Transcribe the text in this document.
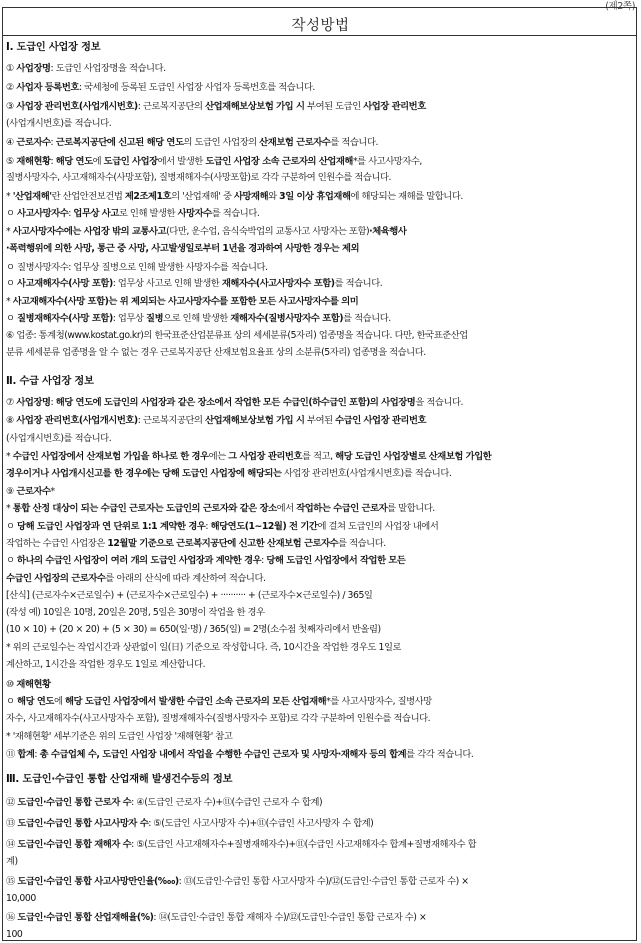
(제2쪽)
작성방법
Ⅰ. 도급인 사업장 정보
① 사업장명: 도급인 사업장명을 적습니다.
② 사업자 등록번호: 국세청에 등록된 도급인 사업장 사업자 등록번호를 적습니다.
③ 사업장 관리번호(사업개시번호): 근로복지공단의 산업재해보상보험 가입 시 부여된 도급인 사업장 관리번호
(사업개시번호)를 적습니다.
④ 근로자수: 근로복지공단에 신고된 해당 연도의 도급인 사업장의 산재보험 근로자수를 적습니다.
⑤ 재해현황: 해당 연도에 도급인 사업장에서 발생한 도급인 사업장 소속 근로자의 산업재해*를 사고사망자수,
질병사망자수, 사고재해자수(사망포함), 질병재해자수(사망포함)로 각각 구분하여 인원수를 적습니다.
* '산업재해'란 산업안전보건법 제2조제1호의 '산업재해' 중 사망재해와 3일 이상 휴업재해에 해당되는 재해를 말합니다.
ㅇ 사고사망자수: 업무상 사고로 인해 발생한 사망자수를 적습니다.
* 사고사망자수에는 사업장 밖의 교통사고(다만, 운수업, 음식숙박업의 교통사고 사망자는 포함)·체육행사
·폭력행위에 의한 사망, 통근 중 사망, 사고발생일로부터 1년을 경과하여 사망한 경우는 제외
ㅇ 질병사망자수: 업무상 질병으로 인해 발생한 사망자수를 적습니다.
ㅇ 사고재해자수(사망 포함): 업무상 사고로 인해 발생한 재해자수(사고사망자수 포함)를 적습니다.
* 사고재해자수(사망 포함)는 위 제외되는 사고사망자수를 포함한 모든 사고사망자수를 의미
ㅇ 질병재해자수(사망 포함): 업무상 질병으로 인해 발생한 재해자수(질병사망자수 포함)를 적습니다.
⑥ 업종: 통계청(www.kostat.go.kr)의 한국표준산업분류표 상의 세세분류(5자리) 업종명을 적습니다. 다만, 한국표준산업
분류 세세분류 업종명을 알 수 없는 경우 근로복지공단 산재보험요율표 상의 소분류(5자리) 업종명을 적습니다.
Ⅱ. 수급 사업장 정보
⑦ 사업장명: 해당 연도에 도급인의 사업장과 같은 장소에서 작업한 모든 수급인(하수급인 포함)의 사업장명을 적습니다.
⑧ 사업장 관리번호(사업개시번호): 근로복지공단의 산업재해보상보험 가입 시 부여된 수급인 사업장 관리번호
(사업개시번호)를 적습니다.
* 수급인 사업장에서 산재보험 가입을 하나로 한 경우에는 그 사업장 관리번호를 적고, 해당 도급인 사업장별로 산재보험 가입한
경우이거나 사업개시신고를 한 경우에는 당해 도급인 사업장에 해당되는 사업장 관리번호(사업개시번호)를 적습니다.
⑨ 근로자수*
* 통합 산정 대상이 되는 수급인 근로자는 도급인의 근로자와 같은 장소에서 작업하는 수급인 근로자를 말합니다.
ㅇ 당해 도급인 사업장과 연 단위로 1:1 계약한 경우: 해당연도(1~12월) 전 기간에 걸쳐 도급인의 사업장 내에서
작업하는 수급인 사업장은 12월말 기준으로 근로복지공단에 신고한 산재보험 근로자수를 적습니다.
ㅇ 하나의 수급인 사업장이 여러 개의 도급인 사업장과 계약한 경우: 당해 도급인 사업장에서 작업한 모든
수급인 사업장의 근로자수를 아래의 산식에 따라 계산하여 적습니다.
[산식] (근로자수×근로일수) + (근로자수×근로일수) + ·········· + (근로자수×근로일수) / 365일
(작성 예) 10일은 10명, 20일은 20명, 5일은 30명이 작업을 한 경우
(10 × 10) + (20 × 20) + (5 × 30) = 650(일·명) / 365(일) = 2명(소수점 첫째자리에서 반올림)
* 위의 근로일수는 작업시간과 상관없이 일(日) 기준으로 작성합니다. 즉, 10시간을 작업한 경우도 1일로
계산하고, 1시간을 작업한 경우도 1일로 계산합니다.
⑩ 재해현황
ㅇ 해당 연도에 해당 도급인 사업장에서 발생한 수급인 소속 근로자의 모든 산업재해*를 사고사망자수, 질병사망
자수, 사고재해자수(사고사망자수 포함), 질병재해자수(질병사망자수 포함)로 각각 구분하여 인원수를 적습니다.
* '재해현황' 세부기준은 위의 도급인 사업장 '재해현황' 참고
⑪ 합계: 총 수급업체 수, 도급인 사업장 내에서 작업을 수행한 수급인 근로자 및 사망자·재해자 등의 합계를 각각 적습니다.
Ⅲ. 도급인·수급인 통합 산업재해 발생건수등의 정보
⑫ 도급인·수급인 통합 근로자 수: ④(도급인 근로자 수)+⑪(수급인 근로자 수 합계)
⑬ 도급인·수급인 통합 사고사망자 수: ⑤(도급인 사고사망자 수)+⑪(수급인 사고사망자 수 합계)
⑭ 도급인·수급인 통합 재해자 수: ⑤(도급인 사고재해자수+질병재해자수)+⑪(수급인 사고재해자수 합계+질병재해자수 합
계)
⑮ 도급인·수급인 통합 사고사망만인율(‱): ⑬(도급인·수급인 통합 사고사망자 수)/⑫(도급인·수급인 통합 근로자 수) ×
10,000
⑯ 도급인·수급인 통합 산업재해율(%): ⑭(도급인·수급인 통합 재해자 수)/⑫(도급인·수급인 통합 근로자 수) ×
100
